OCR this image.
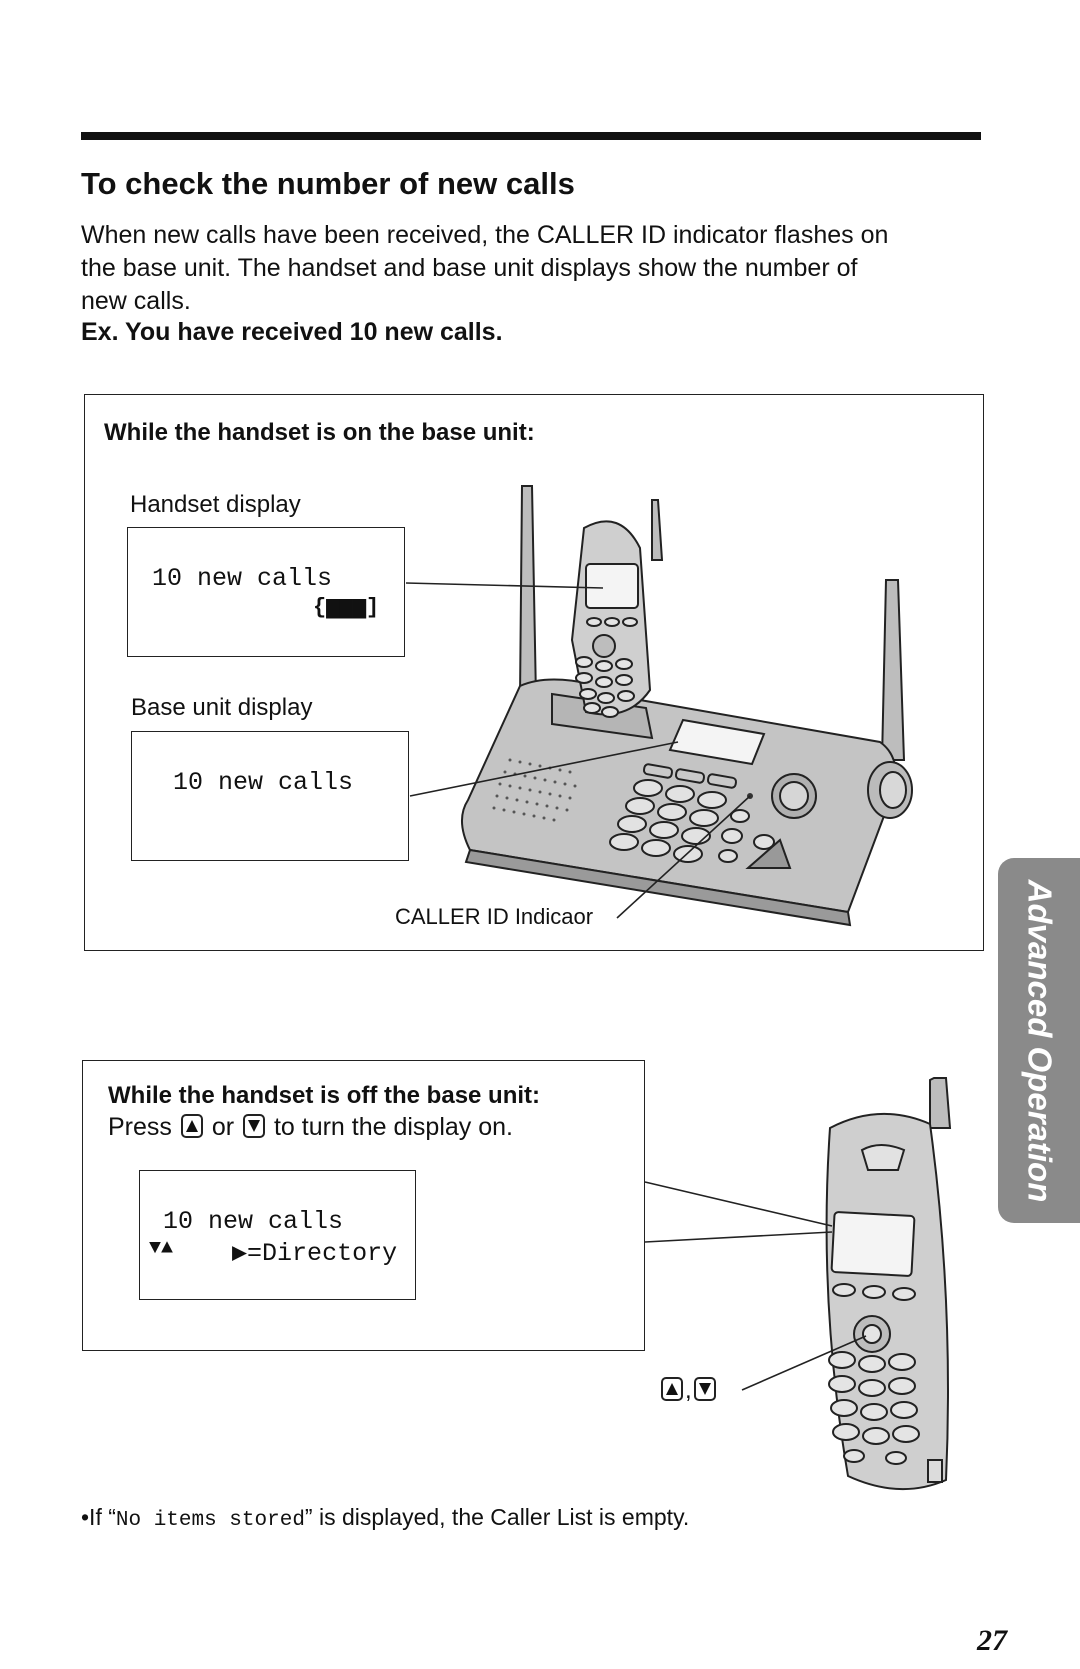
To check the number of new calls

When new calls have been received, the CALLER ID indicator flashes on

the base unit. The handset and base unit displays show the number of

new calls.

Ex. You have received 10 new calls.
While the handset is on the base unit:
Handset display

10 new calls

{▆▆▆]

Base unit display

10 new calls

CALLER ID Indicaor
While the handset is off the base unit:
Press or to turn the display on.

10 new calls

▼▲

▶=Directory

,
Advanced Operation
•If “No items stored” is displayed, the Caller List is empty.
27
